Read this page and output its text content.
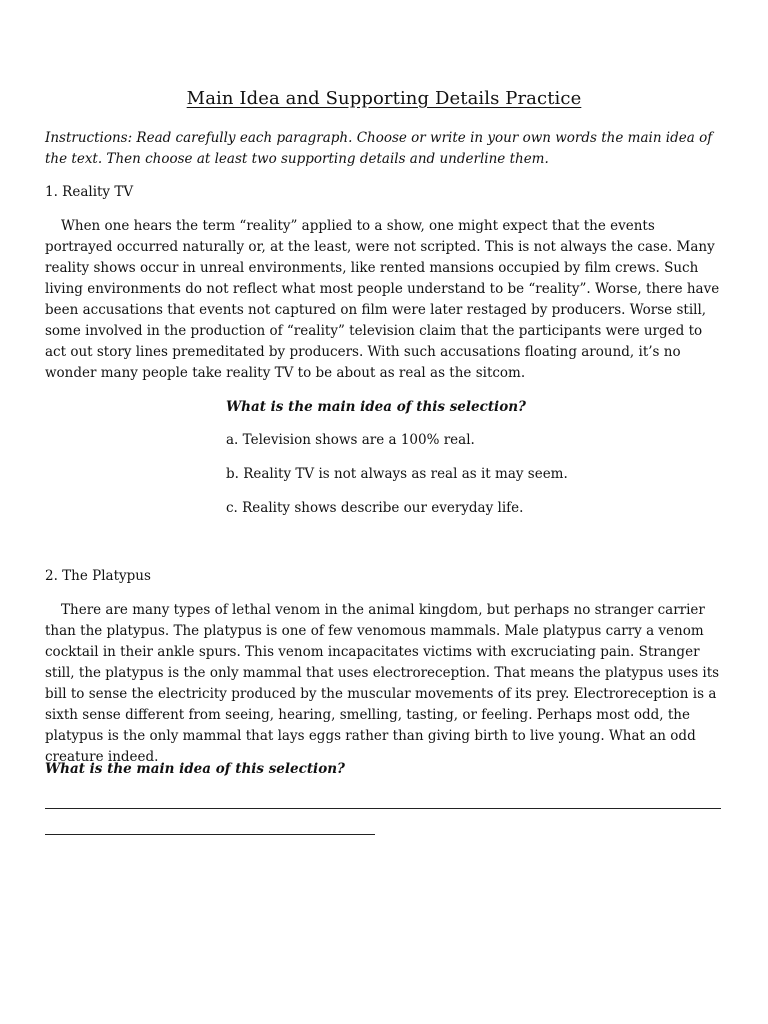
Main Idea and Supporting Details Practice
Instructions: Read carefully each paragraph. Choose or write in your own words the main idea of the text. Then choose at least two supporting details and underline them.
1. Reality TV
When one hears the term “reality” applied to a show, one might expect that the events portrayed occurred naturally or, at the least, were not scripted. This is not always the case. Many reality shows occur in unreal environments, like rented mansions occupied by film crews. Such living environments do not reflect what most people understand to be “reality”. Worse, there have been accusations that events not captured on film were later restaged by producers. Worse still, some involved in the production of “reality” television claim that the participants were urged to act out story lines premeditated by producers. With such accusations floating around, it’s no wonder many people take reality TV to be about as real as the sitcom.
What is the main idea of this selection?
a. Television shows are a 100% real.
b. Reality TV is not always as real as it may seem.
c. Reality shows describe our everyday life.
2. The Platypus
There are many types of lethal venom in the animal kingdom, but perhaps no stranger carrier than the platypus. The platypus is one of few venomous mammals. Male platypus carry a venom cocktail in their ankle spurs. This venom incapacitates victims with excruciating pain. Stranger still, the platypus is the only mammal that uses electroreception. That means the platypus uses its bill to sense the electricity produced by the muscular movements of its prey. Electroreception is a sixth sense different from seeing, hearing, smelling, tasting, or feeling. Perhaps most odd, the platypus is the only mammal that lays eggs rather than giving birth to live young. What an odd creature indeed.
What is the main idea of this selection?
